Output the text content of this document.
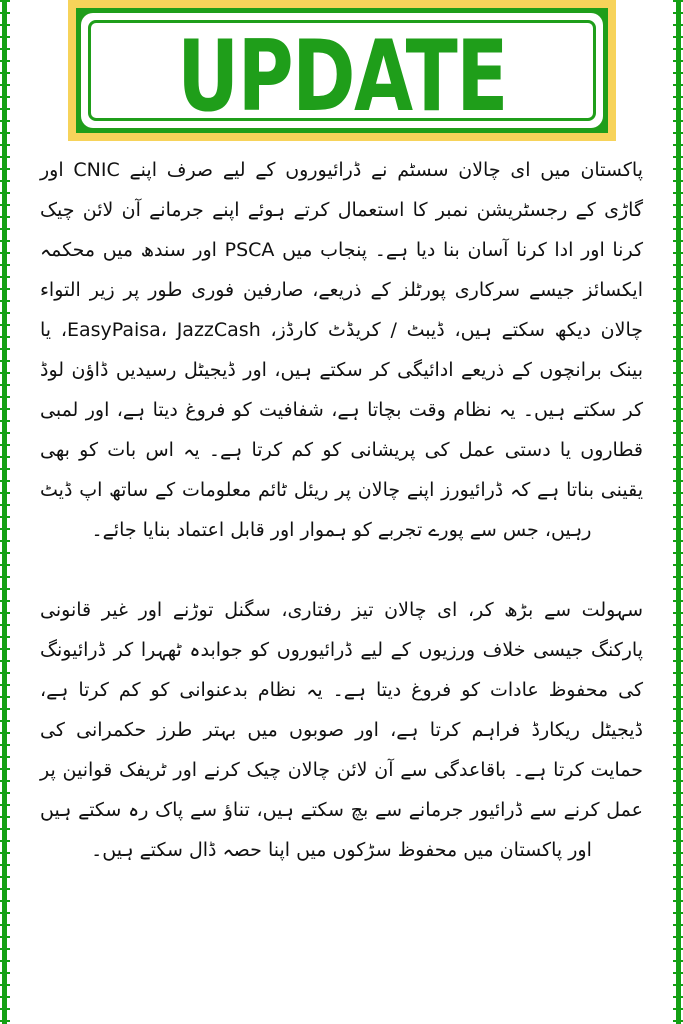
UPDATE

پاکستان میں ای چالان سسٹم نے ڈرائیوروں کے لیے صرف اپنے CNIC اور گاڑی کے رجسٹریشن نمبر کا استعمال کرتے ہوئے اپنے جرمانے آن لائن چیک کرنا اور ادا کرنا آسان بنا دیا ہے۔ پنجاب میں PSCA اور سندھ میں محکمہ ایکسائز جیسے سرکاری پورٹلز کے ذریعے، صارفین فوری طور پر زیر التواء چالان دیکھ سکتے ہیں، ڈیبٹ / کریڈٹ کارڈز، EasyPaisa، JazzCash، یا بینک برانچوں کے ذریعے ادائیگی کر سکتے ہیں، اور ڈیجیٹل رسیدیں ڈاؤن لوڈ کر سکتے ہیں۔ یہ نظام وقت بچاتا ہے، شفافیت کو فروغ دیتا ہے، اور لمبی قطاروں یا دستی عمل کی پریشانی کو کم کرتا ہے۔ یہ اس بات کو بھی یقینی بناتا ہے کہ ڈرائیورز اپنے چالان پر ریئل ٹائم معلومات کے ساتھ اپ ڈیٹ رہیں، جس سے پورے تجربے کو ہموار اور قابل اعتماد بنایا جائے۔

سہولت سے بڑھ کر، ای چالان تیز رفتاری، سگنل توڑنے اور غیر قانونی پارکنگ جیسی خلاف ورزیوں کے لیے ڈرائیوروں کو جوابدہ ٹھہرا کر ڈرائیونگ کی محفوظ عادات کو فروغ دیتا ہے۔ یہ نظام بدعنوانی کو کم کرتا ہے، ڈیجیٹل ریکارڈ فراہم کرتا ہے، اور صوبوں میں بہتر طرز حکمرانی کی حمایت کرتا ہے۔ باقاعدگی سے آن لائن چالان چیک کرنے اور ٹریفک قوانین پر عمل کرنے سے ڈرائیور جرمانے سے بچ سکتے ہیں، تناؤ سے پاک رہ سکتے ہیں اور پاکستان میں محفوظ سڑکوں میں اپنا حصہ ڈال سکتے ہیں۔
